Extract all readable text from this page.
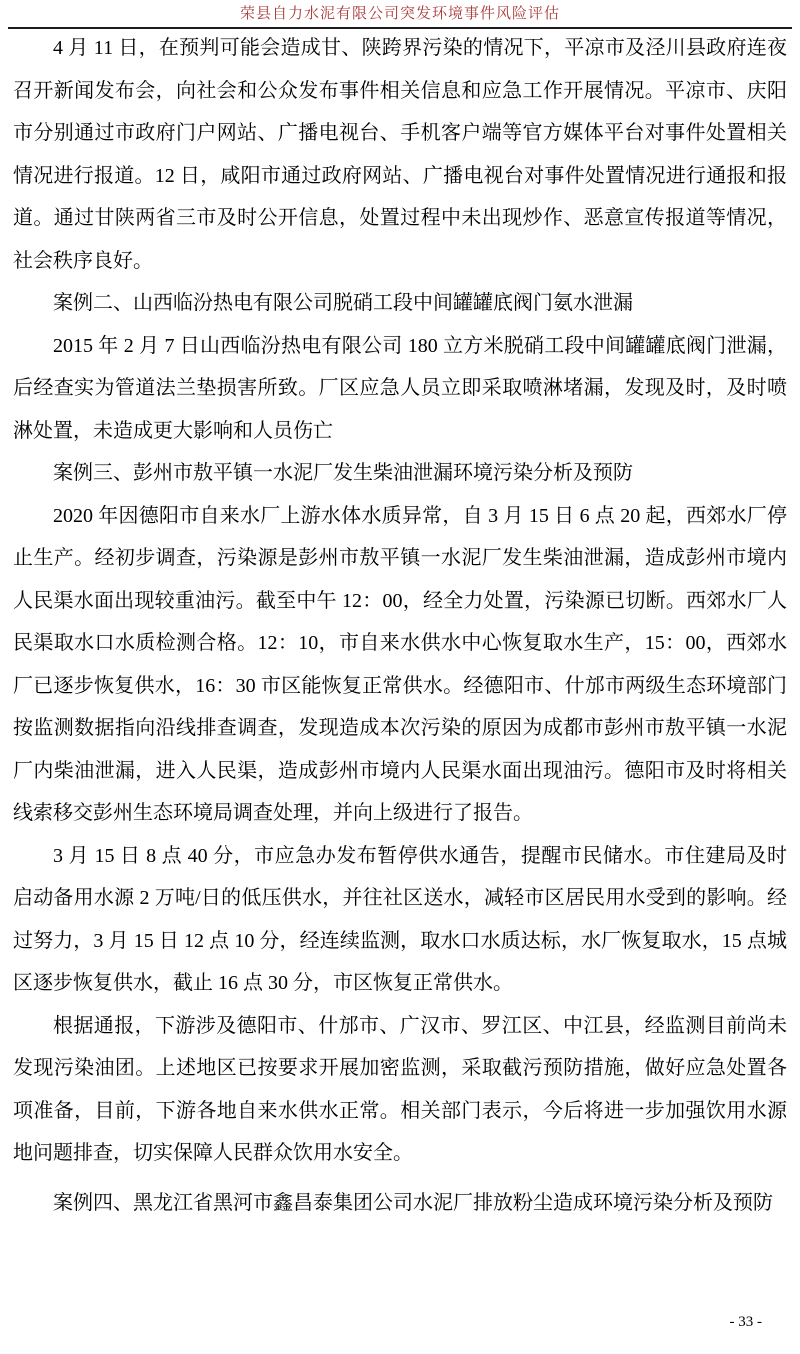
荣县自力水泥有限公司突发环境事件风险评估

4 月 11 日，在预判可能会造成甘、陕跨界污染的情况下，平凉市及泾川县政府连夜召开新闻发布会，向社会和公众发布事件相关信息和应急工作开展情况。平凉市、庆阳市分别通过市政府门户网站、广播电视台、手机客户端等官方媒体平台对事件处置相关情况进行报道。12 日，咸阳市通过政府网站、广播电视台对事件处置情况进行通报和报道。通过甘陕两省三市及时公开信息，处置过程中未出现炒作、恶意宣传报道等情况，社会秩序良好。

案例二、山西临汾热电有限公司脱硝工段中间罐罐底阀门氨水泄漏

2015 年 2 月 7 日山西临汾热电有限公司 180 立方米脱硝工段中间罐罐底阀门泄漏，后经查实为管道法兰垫损害所致。厂区应急人员立即采取喷淋堵漏，发现及时，及时喷淋处置，未造成更大影响和人员伤亡

案例三、彭州市敖平镇一水泥厂发生柴油泄漏环境污染分析及预防

2020 年因德阳市自来水厂上游水体水质异常，自 3 月 15 日 6 点 20 起，西郊水厂停止生产。经初步调查，污染源是彭州市敖平镇一水泥厂发生柴油泄漏，造成彭州市境内人民渠水面出现较重油污。截至中午 12：00，经全力处置，污染源已切断。西郊水厂人民渠取水口水质检测合格。12：10，市自来水供水中心恢复取水生产，15：00，西郊水厂已逐步恢复供水，16：30 市区能恢复正常供水。经德阳市、什邡市两级生态环境部门按监测数据指向沿线排查调查，发现造成本次污染的原因为成都市彭州市敖平镇一水泥厂内柴油泄漏，进入人民渠，造成彭州市境内人民渠水面出现油污。德阳市及时将相关线索移交彭州生态环境局调查处理，并向上级进行了报告。

3 月 15 日 8 点 40 分，市应急办发布暂停供水通告，提醒市民储水。市住建局及时启动备用水源 2 万吨/日的低压供水，并往社区送水，减轻市区居民用水受到的影响。经过努力，3 月 15 日 12 点 10 分，经连续监测，取水口水质达标，水厂恢复取水，15 点城区逐步恢复供水，截止 16 点 30 分，市区恢复正常供水。

根据通报，下游涉及德阳市、什邡市、广汉市、罗江区、中江县，经监测目前尚未发现污染油团。上述地区已按要求开展加密监测，采取截污预防措施，做好应急处置各项准备，目前，下游各地自来水供水正常。相关部门表示，今后将进一步加强饮用水源地问题排查，切实保障人民群众饮用水安全。

案例四、黑龙江省黑河市鑫昌泰集团公司水泥厂排放粉尘造成环境污染分析及预防

- 33 -
